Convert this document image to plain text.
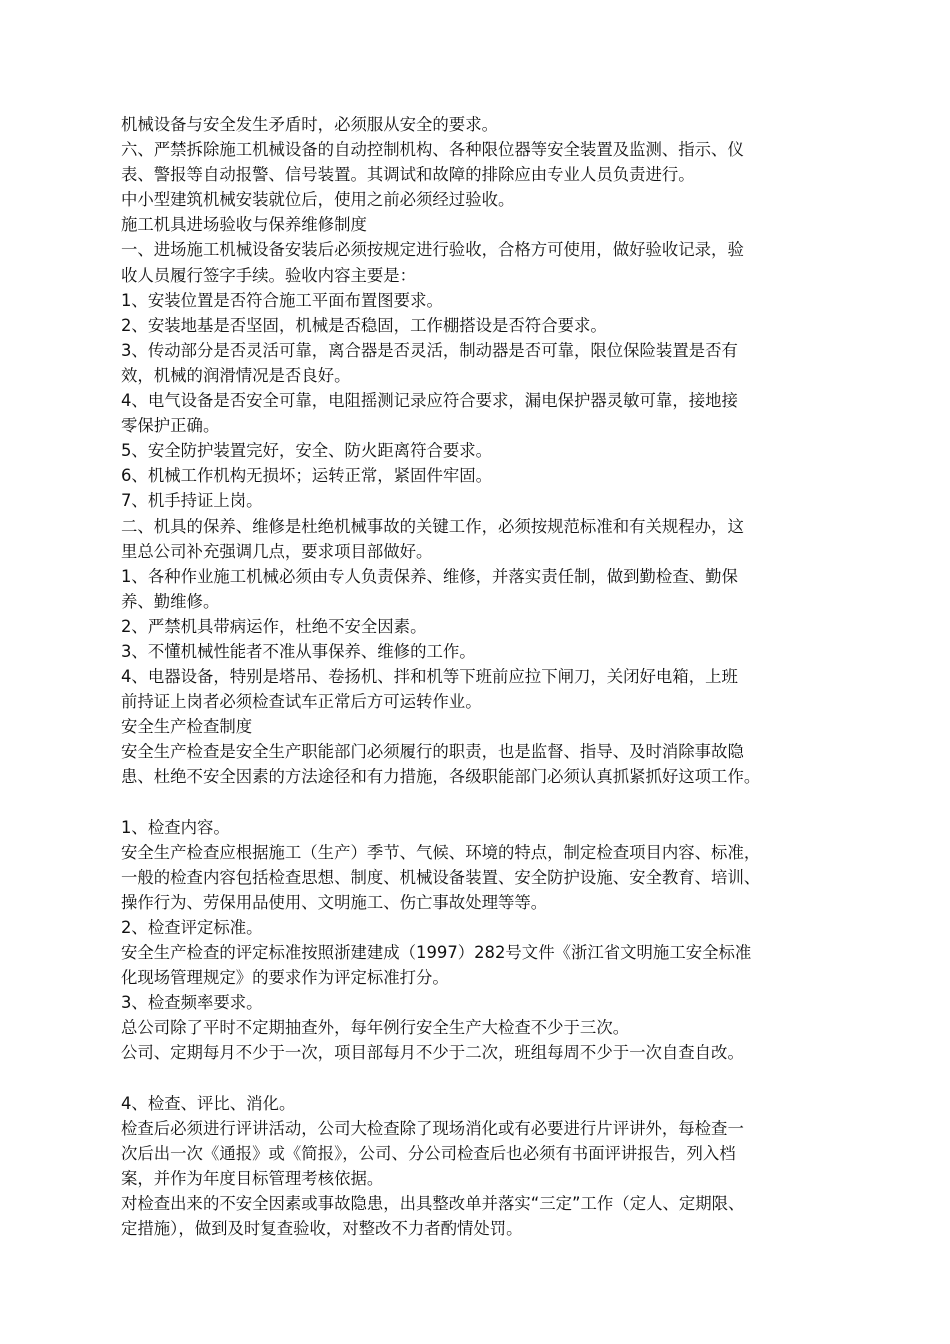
机械设备与安全发生矛盾时，必须服从安全的要求。
六、严禁拆除施工机械设备的自动控制机构、各种限位器等安全装置及监测、指示、仪
表、警报等自动报警、信号装置。其调试和故障的排除应由专业人员负责进行。
中小型建筑机械安装就位后，使用之前必须经过验收。
施工机具进场验收与保养维修制度
一、进场施工机械设备安装后必须按规定进行验收，合格方可使用，做好验收记录，验
收人员履行签字手续。验收内容主要是：
1、安装位置是否符合施工平面布置图要求。
2、安装地基是否坚固，机械是否稳固，工作棚搭设是否符合要求。
3、传动部分是否灵活可靠，离合器是否灵活，制动器是否可靠，限位保险装置是否有
效，机械的润滑情况是否良好。
4、电气设备是否安全可靠，电阻摇测记录应符合要求，漏电保护器灵敏可靠，接地接
零保护正确。
5、安全防护装置完好，安全、防火距离符合要求。
6、机械工作机构无损坏；运转正常，紧固件牢固。
7、机手持证上岗。
二、机具的保养、维修是杜绝机械事故的关键工作，必须按规范标准和有关规程办，这
里总公司补充强调几点，要求项目部做好。
1、各种作业施工机械必须由专人负责保养、维修，并落实责任制，做到勤检查、勤保
养、勤维修。
2、严禁机具带病运作，杜绝不安全因素。
3、不懂机械性能者不准从事保养、维修的工作。
4、电器设备，特别是塔吊、卷扬机、拌和机等下班前应拉下闸刀，关闭好电箱，上班
前持证上岗者必须检查试车正常后方可运转作业。
安全生产检查制度
安全生产检查是安全生产职能部门必须履行的职责，也是监督、指导、及时消除事故隐
患、杜绝不安全因素的方法途径和有力措施，各级职能部门必须认真抓紧抓好这项工作。
1、检查内容。
安全生产检查应根据施工（生产）季节、气候、环境的特点，制定检查项目内容、标准，
一般的检查内容包括检查思想、制度、机械设备装置、安全防护设施、安全教育、培训、
操作行为、劳保用品使用、文明施工、伤亡事故处理等等。
2、检查评定标准。
安全生产检查的评定标准按照浙建建成（1997）282号文件《浙江省文明施工安全标准
化现场管理规定》的要求作为评定标准打分。
3、检查频率要求。
总公司除了平时不定期抽查外，每年例行安全生产大检查不少于三次。
公司、定期每月不少于一次，项目部每月不少于二次，班组每周不少于一次自查自改。
4、检查、评比、消化。
检查后必须进行评讲活动，公司大检查除了现场消化或有必要进行片评讲外，每检查一
次后出一次《通报》或《简报》，公司、分公司检查后也必须有书面评讲报告，列入档
案，并作为年度目标管理考核依据。
对检查出来的不安全因素或事故隐患，出具整改单并落实“三定”工作（定人、定期限、
定措施），做到及时复查验收，对整改不力者酌情处罚。
